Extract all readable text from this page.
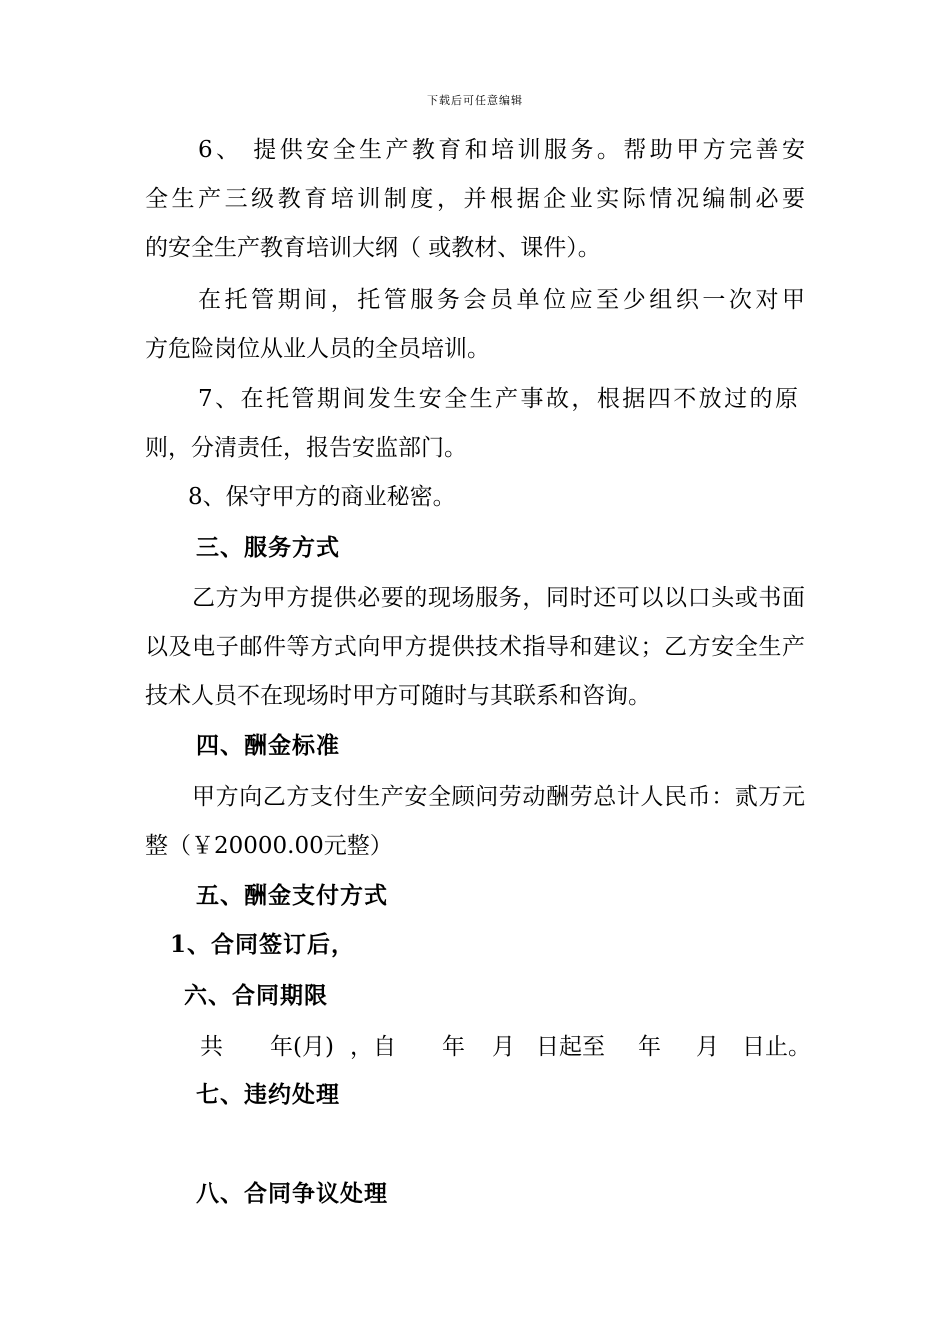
下载后可任意编辑
6、 提供安全生产教育和培训服务。帮助甲方完善安
全生产三级教育培训制度，并根据企业实际情况编制必要
的安全生产教育培训大纲（ 或教材、课件）。
在托管期间，托管服务会员单位应至少组织一次对甲
方危险岗位从业人员的全员培训。
7、在托管期间发生安全生产事故，根据四不放过的原
则，分清责任，报告安监部门。
8、保守甲方的商业秘密。
三、服务方式
乙方为甲方提供必要的现场服务，同时还可以以口头或书面
以及电子邮件等方式向甲方提供技术指导和建议；乙方安全生产
技术人员不在现场时甲方可随时与其联系和咨询。
四、酬金标准
甲方向乙方支付生产安全顾问劳动酬劳总计人民币：贰万元
整（￥20000.00元整）
五、酬金支付方式
1、合同签订后，
六、合同期限
共 年(月) ，自 年 月 日起至 年 月 日止。
七、违约处理
八、合同争议处理
